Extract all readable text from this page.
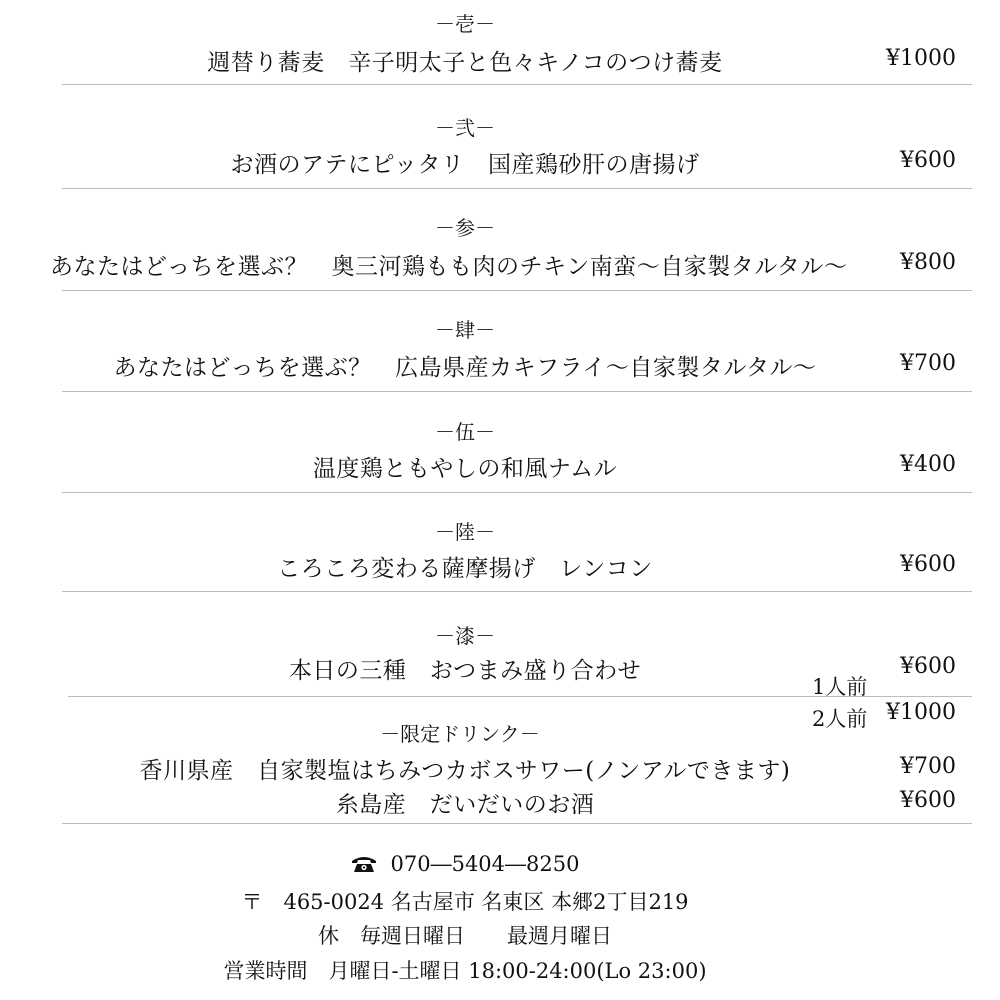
－壱－
週替り蕎麦　辛子明太子と色々キノコのつけ蕎麦	¥1000
－弐－
お酒のアテにピッタリ　国産鶏砂肝の唐揚げ	¥600
－参－
あなたはどっちを選ぶ？　奥三河鶏もも肉のチキン南蛮～自家製タルタル～ ¥800
－肆－
あなたはどっちを選ぶ？　広島県産カキフライ～自家製タルタル～	¥700
－伍－
温度鶏ともやしの和風ナムル	¥400
－陸－
ころころ変わる薩摩揚げ　レンコン	¥600
－漆－
本日の三種　おつまみ盛り合わせ	¥600
1人前
2人前 ¥1000
－限定ドリンク－
香川県産　自家製塩はちみつカボスサワー(ノンアルできます)	¥700
糸島産　だいだいのお酒	¥600
070―5404―8250
〒　465-0024 名古屋市 名東区 本郷2丁目219
休　毎週日曜日　　最週月曜日
営業時間　月曜日-土曜日 18:00-24:00(Lo 23:00)
